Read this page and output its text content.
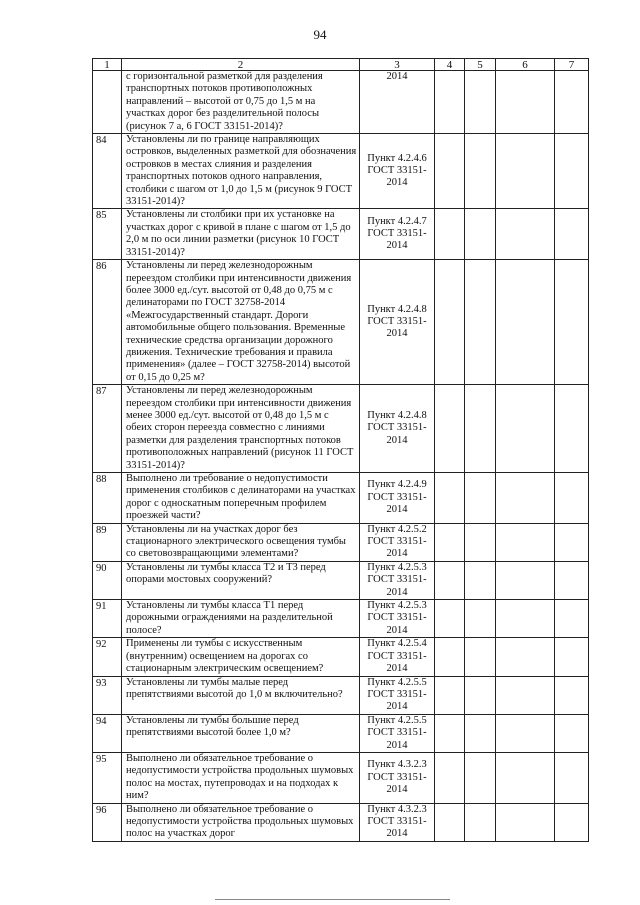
94
1	2	3	4	5	6	7
	с горизонтальной разметкой для разделения транспортных потоков противоположных направлений – высотой от 0,75 до 1,5 м на участках дорог без разделительной полосы (рисунок 7 а, 6 ГОСТ 33151-2014)?	2014				
84	Установлены ли по границе направляющих островков, выделенных разметкой для обозначения островков в местах слияния и разделения транспортных потоков одного направления, столбики с шагом от 1,0 до 1,5 м (рисунок 9 ГОСТ 33151-2014)?	Пункт 4.2.4.6 ГОСТ 33151-2014				
85	Установлены ли столбики при их установке на участках дорог с кривой в плане с шагом от 1,5 до 2,0 м по оси линии разметки (рисунок 10 ГОСТ 33151-2014)?	Пункт 4.2.4.7 ГОСТ 33151-2014				
86	Установлены ли перед железнодорожным переездом столбики при интенсивности движения более 3000 ед./сут. высотой от 0,48 до 0,75 м с делинаторами по ГОСТ 32758-2014 «Межгосударственный стандарт. Дороги автомобильные общего пользования. Временные технические средства организации дорожного движения. Технические требования и правила применения» (далее – ГОСТ 32758-2014) высотой от 0,15 до 0,25 м?	Пункт 4.2.4.8 ГОСТ 33151-2014				
87	Установлены ли перед железнодорожным переездом столбики при интенсивности движения менее 3000 ед./сут. высотой от 0,48 до 1,5 м с обеих сторон переезда совместно с линиями разметки для разделения транспортных потоков противоположных направлений (рисунок 11 ГОСТ 33151-2014)?	Пункт 4.2.4.8 ГОСТ 33151-2014				
88	Выполнено ли требование о недопустимости применения столбиков с делинаторами на участках дорог с односкатным поперечным профилем проезжей части?	Пункт 4.2.4.9 ГОСТ 33151-2014				
89	Установлены ли на участках дорог без стационарного электрического освещения тумбы со световозвращающими элементами?	Пункт 4.2.5.2 ГОСТ 33151-2014				
90	Установлены ли тумбы класса Т2 и Т3 перед опорами мостовых сооружений?	Пункт 4.2.5.3 ГОСТ 33151-2014				
91	Установлены ли тумбы класса Т1 перед дорожными ограждениями на разделительной полосе?	Пункт 4.2.5.3 ГОСТ 33151-2014				
92	Применены ли тумбы с искусственным (внутренним) освещением на дорогах со стационарным электрическим освещением?	Пункт 4.2.5.4 ГОСТ 33151-2014				
93	Установлены ли тумбы малые перед препятствиями высотой до 1,0 м включительно?	Пункт 4.2.5.5 ГОСТ 33151-2014				
94	Установлены ли тумбы большие перед препятствиями высотой более 1,0 м?	Пункт 4.2.5.5 ГОСТ 33151-2014				
95	Выполнено ли обязательное требование о недопустимости устройства продольных шумовых полос на мостах, путепроводах и на подходах к ним?	Пункт 4.3.2.3 ГОСТ 33151-2014				
96	Выполнено ли обязательное требование о недопустимости устройства продольных шумовых полос на участках дорог	Пункт 4.3.2.3 ГОСТ 33151-2014				
